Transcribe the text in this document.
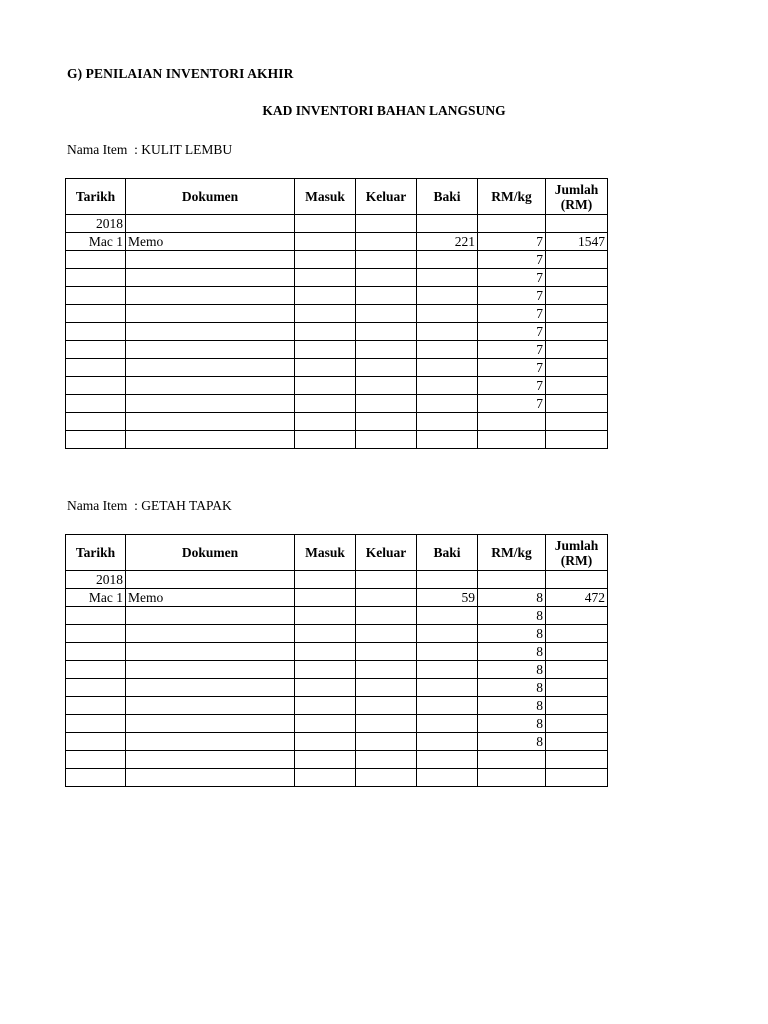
G) PENILAIAN INVENTORI AKHIR
KAD INVENTORI BAHAN LANGSUNG
Nama Item : KULIT LEMBU
Tarikh	Dokumen	Masuk	Keluar	Baki	RM/kg	Jumlah (RM)
2018						
Mac 1	Memo			221	7	1547
					7	
					7	
					7	
					7	
					7	
					7	
					7	
					7	
					7	

Nama Item : GETAH TAPAK
Tarikh	Dokumen	Masuk	Keluar	Baki	RM/kg	Jumlah (RM)
2018						
Mac 1	Memo			59	8	472
					8	
					8	
					8	
					8	
					8	
					8	
					8	
					8	
